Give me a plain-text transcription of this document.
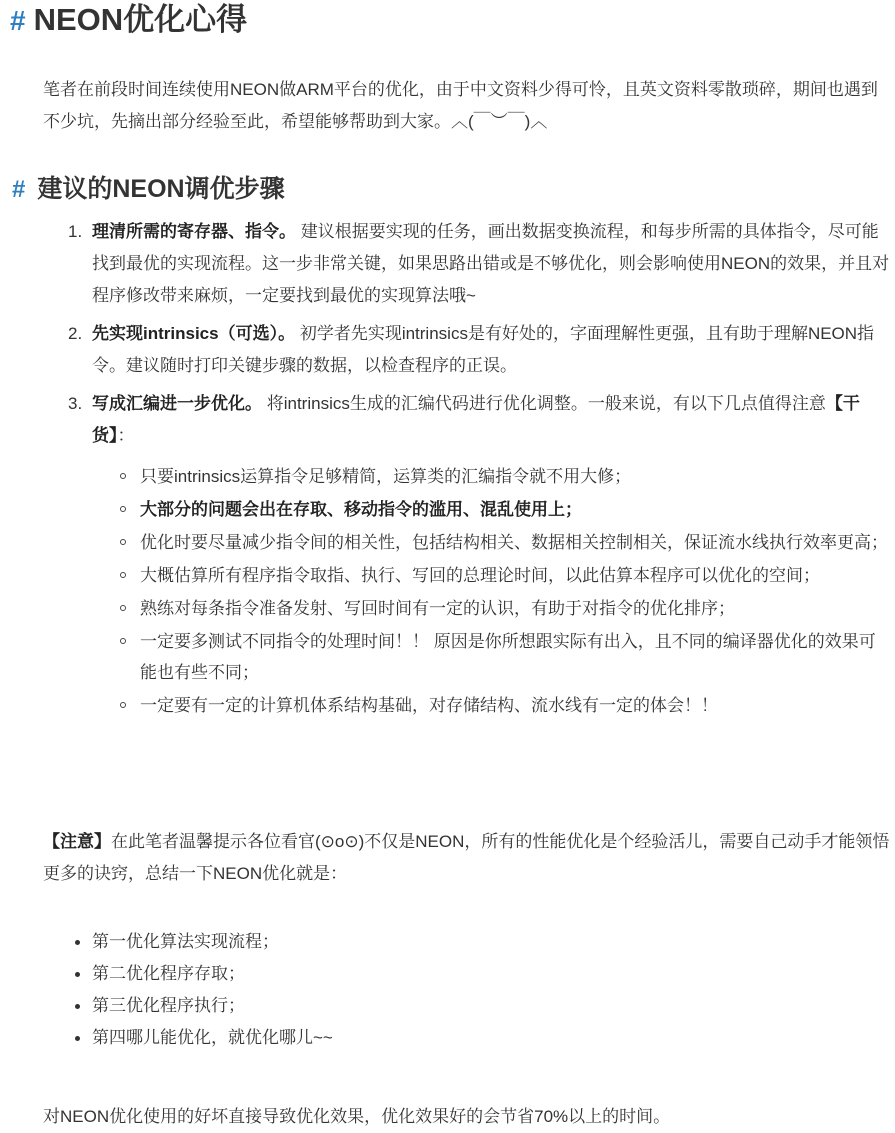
# NEON优化心得

笔者在前段时间连续使用NEON做ARM平台的优化，由于中文资料少得可怜，且英文资料零散琐碎，期间也遇到不少坑，先摘出部分经验至此，希望能够帮助到大家。︿(￣︶￣)︿

# 建议的NEON调优步骤
1. 理清所需的寄存器、指令。 建议根据要实现的任务，画出数据变换流程，和每步所需的具体指令，尽可能找到最优的实现流程。这一步非常关键，如果思路出错或是不够优化，则会影响使用NEON的效果，并且对程序修改带来麻烦，一定要找到最优的实现算法哦~
2. 先实现intrinsics（可选）。 初学者先实现intrinsics是有好处的，字面理解性更强，且有助于理解NEON指令。建议随时打印关键步骤的数据，以检查程序的正误。
3. 写成汇编进一步优化。 将intrinsics生成的汇编代码进行优化调整。一般来说，有以下几点值得注意【干货】：
只要intrinsics运算指令足够精简，运算类的汇编指令就不用大修；
大部分的问题会出在存取、移动指令的滥用、混乱使用上；
优化时要尽量减少指令间的相关性，包括结构相关、数据相关控制相关，保证流水线执行效率更高；
大概估算所有程序指令取指、执行、写回的总理论时间，以此估算本程序可以优化的空间；
熟练对每条指令准备发射、写回时间有一定的认识，有助于对指令的优化排序；
一定要多测试不同指令的处理时间！！ 原因是你所想跟实际有出入，且不同的编译器优化的效果可能也有些不同；
一定要有一定的计算机体系结构基础，对存储结构、流水线有一定的体会！！

【注意】在此笔者温馨提示各位看官(⊙o⊙)不仅是NEON，所有的性能优化是个经验活儿，需要自己动手才能领悟更多的诀窍，总结一下NEON优化就是：

第一优化算法实现流程；
第二优化程序存取；
第三优化程序执行；
第四哪儿能优化，就优化哪儿~~

对NEON优化使用的好坏直接导致优化效果，优化效果好的会节省70%以上的时间。
